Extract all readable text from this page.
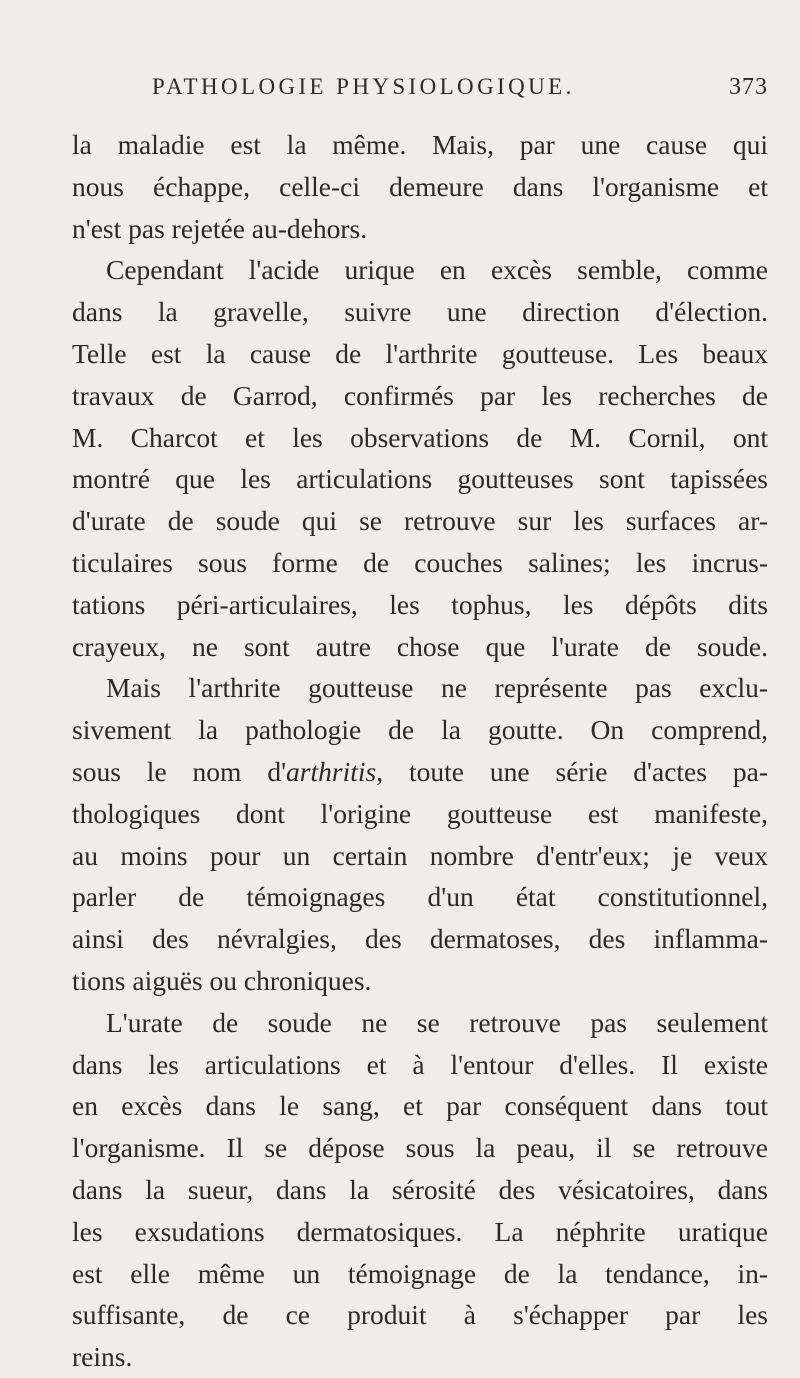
PATHOLOGIE PHYSIOLOGIQUE.	373
la maladie est la même. Mais, par une cause qui
nous échappe, celle-ci demeure dans l'organisme et
n'est pas rejetée au-dehors.
Cependant l'acide urique en excès semble, comme
dans la gravelle, suivre une direction d'élection.
Telle est la cause de l'arthrite goutteuse. Les beaux
travaux de Garrod, confirmés par les recherches de
M. Charcot et les observations de M. Cornil, ont
montré que les articulations goutteuses sont tapissées
d'urate de soude qui se retrouve sur les surfaces ar-
ticulaires sous forme de couches salines; les incrus-
tations péri-articulaires, les tophus, les dépôts dits
crayeux, ne sont autre chose que l'urate de soude.
Mais l'arthrite goutteuse ne représente pas exclu-
sivement la pathologie de la goutte. On comprend,
sous le nom d'arthritis, toute une série d'actes pa-
thologiques dont l'origine goutteuse est manifeste,
au moins pour un certain nombre d'entr'eux; je veux
parler de témoignages d'un état constitutionnel,
ainsi des névralgies, des dermatoses, des inflamma-
tions aiguës ou chroniques.
L'urate de soude ne se retrouve pas seulement
dans les articulations et à l'entour d'elles. Il existe
en excès dans le sang, et par conséquent dans tout
l'organisme. Il se dépose sous la peau, il se retrouve
dans la sueur, dans la sérosité des vésicatoires, dans
les exsudations dermatosiques. La néphrite uratique
est elle même un témoignage de la tendance, in-
suffisante, de ce produit à s'échapper par les
reins.
